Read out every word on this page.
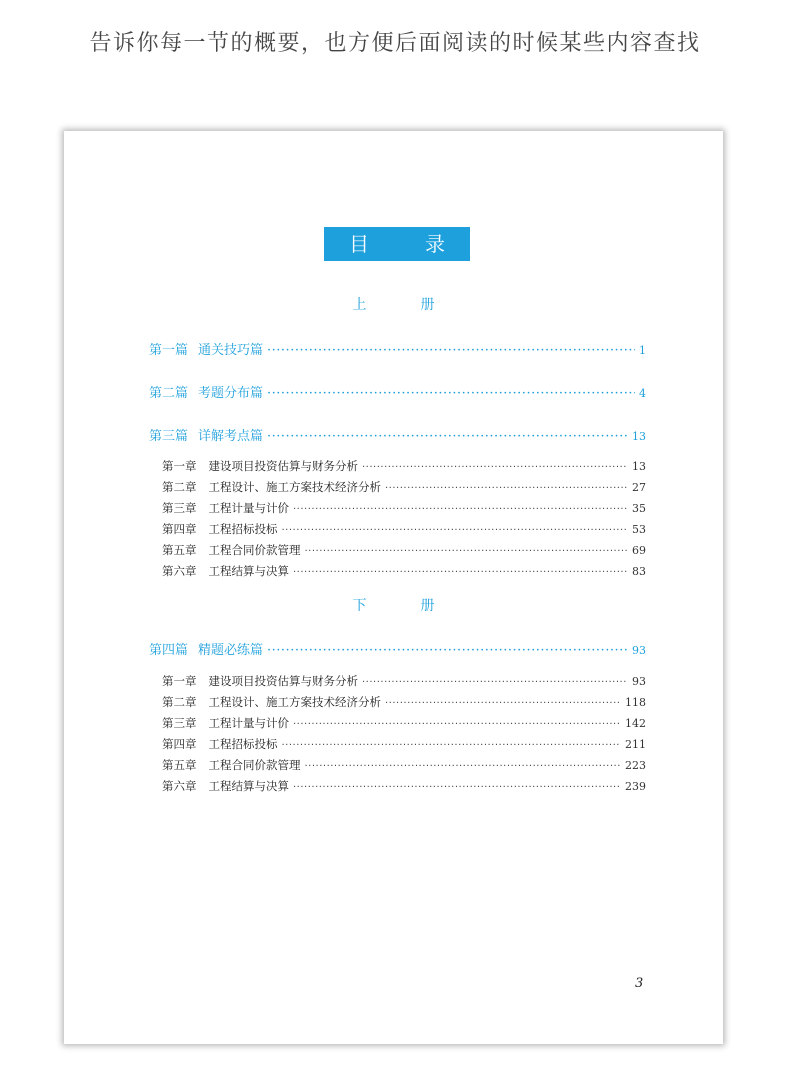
告诉你每一节的概要，也方便后面阅读的时候某些内容查找
目　录
上　册
第一篇 通关技巧篇 ·····	1
第二篇 考题分布篇 ·····	4
第三篇 详解考点篇 ·····	13
第一章 建设项目投资估算与财务分析 ·····	13
第二章 工程设计、施工方案技术经济分析 ·····	27
第三章 工程计量与计价 ·····	35
第四章 工程招标投标 ·····	53
第五章 工程合同价款管理 ·····	69
第六章 工程结算与决算 ·····	83
下　册
第四篇 精题必练篇 ·····	93
第一章 建设项目投资估算与财务分析 ·····	93
第二章 工程设计、施工方案技术经济分析 ·····	118
第三章 工程计量与计价 ·····	142
第四章 工程招标投标 ·····	211
第五章 工程合同价款管理 ·····	223
第六章 工程结算与决算 ·····	239
3
